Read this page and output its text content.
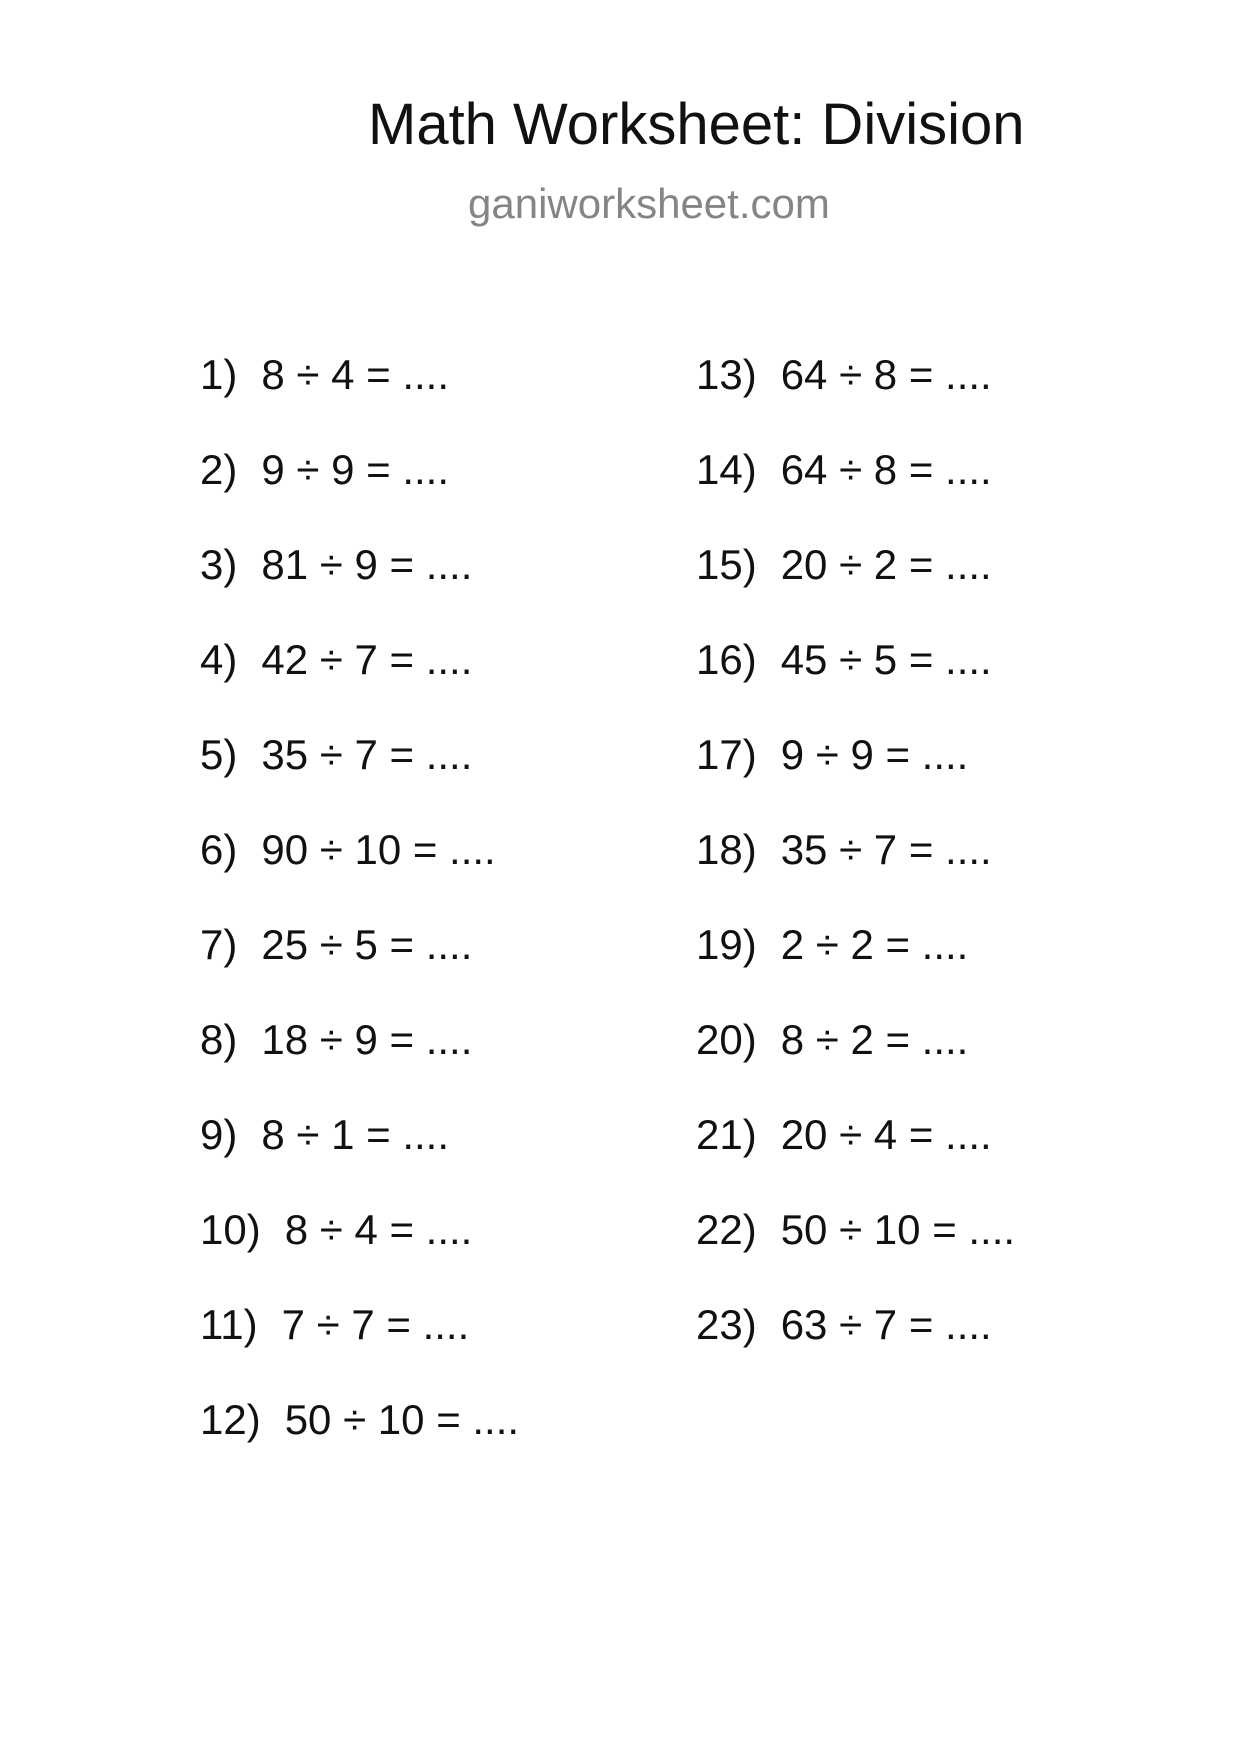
Math Worksheet: Division
ganiworksheet.com
1) 8 ÷ 4 = ....
2) 9 ÷ 9 = ....
3) 81 ÷ 9 = ....
4) 42 ÷ 7 = ....
5) 35 ÷ 7 = ....
6) 90 ÷ 10 = ....
7) 25 ÷ 5 = ....
8) 18 ÷ 9 = ....
9) 8 ÷ 1 = ....
10) 8 ÷ 4 = ....
11) 7 ÷ 7 = ....
12) 50 ÷ 10 = ....
13) 64 ÷ 8 = ....
14) 64 ÷ 8 = ....
15) 20 ÷ 2 = ....
16) 45 ÷ 5 = ....
17) 9 ÷ 9 = ....
18) 35 ÷ 7 = ....
19) 2 ÷ 2 = ....
20) 8 ÷ 2 = ....
21) 20 ÷ 4 = ....
22) 50 ÷ 10 = ....
23) 63 ÷ 7 = ....
